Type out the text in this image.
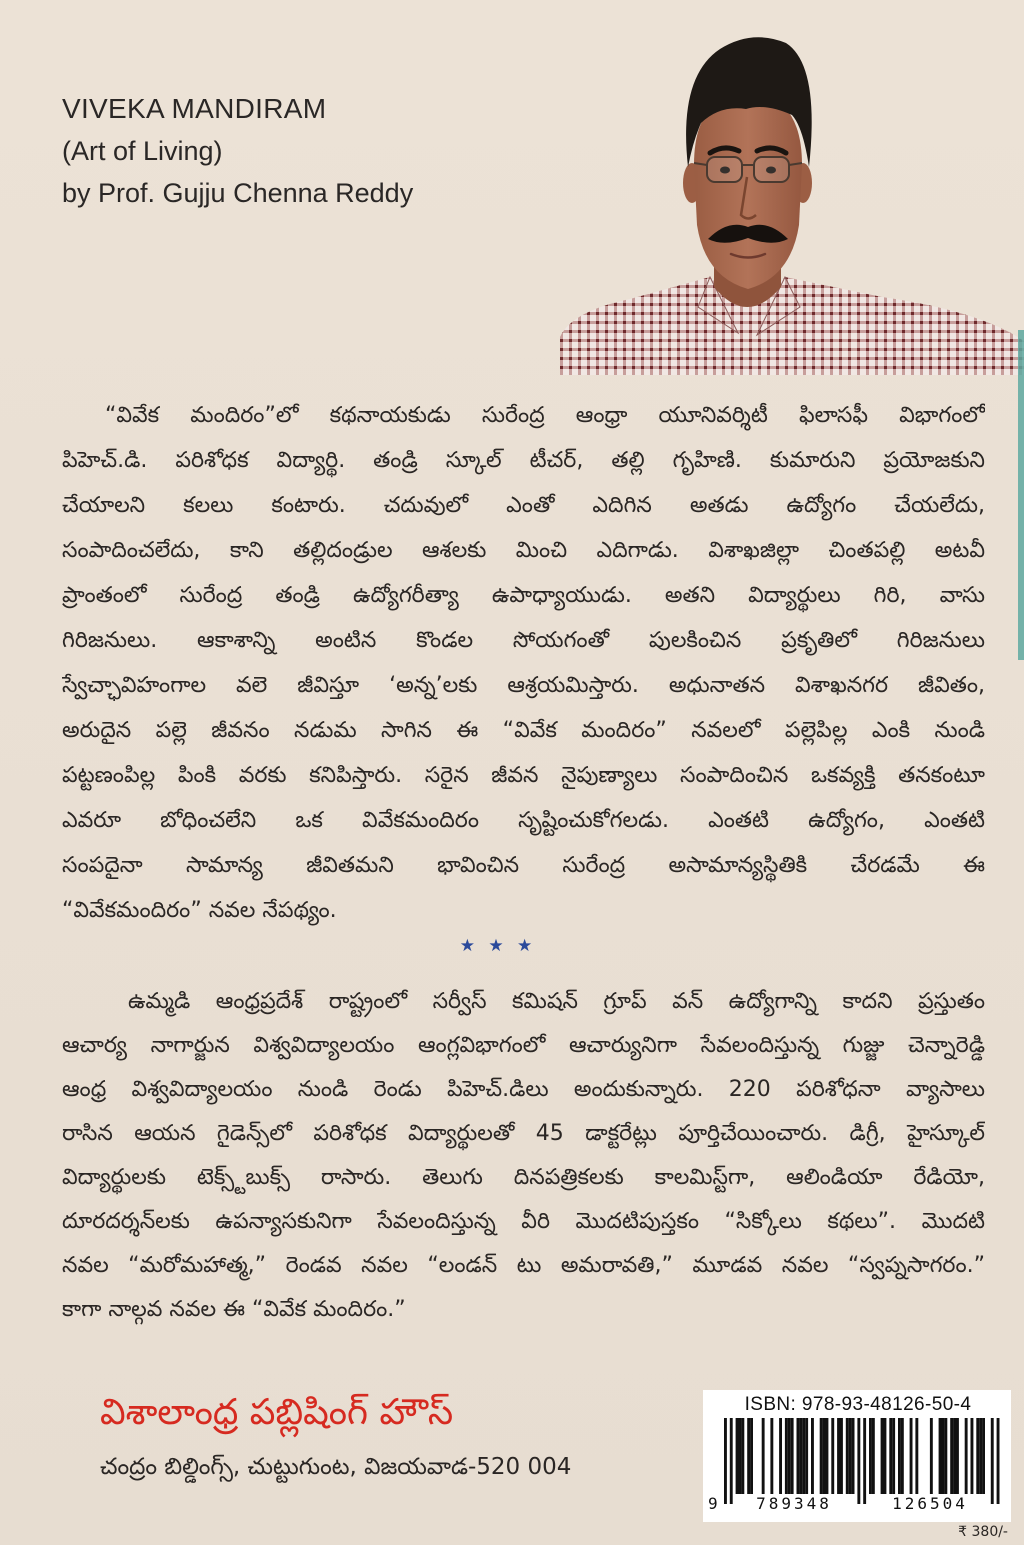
VIVEKA MANDIRAM
(Art of Living)
by Prof. Gujju Chenna Reddy
“వివేక మందిరం”లో కథనాయకుడు సురేంద్ర ఆంధ్రా యూనివర్శిటీ ఫిలాసఫీ విభాగంలో
పిహెచ్.డి. పరిశోధక విద్యార్థి. తండ్రి స్కూల్ టీచర్, తల్లి గృహిణి. కుమారుని ప్రయోజకుని
చేయాలని కలలు కంటారు. చదువులో ఎంతో ఎదిగిన అతడు ఉద్యోగం చేయలేదు,
సంపాదించలేదు, కాని తల్లిదండ్రుల ఆశలకు మించి ఎదిగాడు. విశాఖజిల్లా చింతపల్లి అటవీ
ప్రాంతంలో సురేంద్ర తండ్రి ఉద్యోగరీత్యా ఉపాధ్యాయుడు. అతని విద్యార్థులు గిరి, వాసు
గిరిజనులు. ఆకాశాన్ని అంటిన కొండల సోయగంతో పులకించిన ప్రకృతిలో గిరిజనులు
స్వేచ్ఛావిహంగాల వలె జీవిస్తూ ‘అన్న’లకు ఆశ్రయమిస్తారు. అధునాతన విశాఖనగర జీవితం,
అరుదైన పల్లె జీవనం నడుమ సాగిన ఈ “వివేక మందిరం” నవలలో పల్లెపిల్ల ఎంకి నుండి
పట్టణంపిల్ల పింకి వరకు కనిపిస్తారు. సరైన జీవన నైపుణ్యాలు సంపాదించిన ఒకవ్యక్తి తనకంటూ
ఎవరూ బోధించలేని ఒక వివేకమందిరం సృష్టించుకోగలడు. ఎంతటి ఉద్యోగం, ఎంతటి
సంపదైనా సామాన్య జీవితమని భావించిన సురేంద్ర అసామాన్యస్థితికి చేరడమే ఈ
“వివేకమందిరం” నవల నేపథ్యం.
★ ★ ★
ఉమ్మడి ఆంధ్రప్రదేశ్ రాష్ట్రంలో సర్వీస్ కమిషన్ గ్రూప్ వన్ ఉద్యోగాన్ని కాదని ప్రస్తుతం
ఆచార్య నాగార్జున విశ్వవిద్యాలయం ఆంగ్లవిభాగంలో ఆచార్యునిగా సేవలందిస్తున్న గుజ్జు చెన్నారెడ్డి
ఆంధ్ర విశ్వవిద్యాలయం నుండి రెండు పిహెచ్.డిలు అందుకున్నారు. 220 పరిశోధనా వ్యాసాలు
రాసిన ఆయన గైడెన్స్‌లో పరిశోధక విద్యార్థులతో 45 డాక్టరేట్లు పూర్తిచేయించారు. డిగ్రీ, హైస్కూల్
విద్యార్థులకు టెక్స్ట్‌బుక్స్ రాసారు. తెలుగు దినపత్రికలకు కాలమిస్ట్‌గా, ఆలిండియా రేడియో,
దూరదర్శన్‌లకు ఉపన్యాసకునిగా సేవలందిస్తున్న వీరి మొదటిపుస్తకం “సిక్కోలు కథలు”. మొదటి
నవల “మరోమహాత్మ,” రెండవ నవల “లండన్ టు అమరావతి,” మూడవ నవల “స్వప్నసాగరం.”
కాగా నాల్గవ నవల ఈ “వివేక మందిరం.”
విశాలాంధ్ర పబ్లిషింగ్ హౌస్
చంద్రం బిల్డింగ్స్, చుట్టుగుంట, విజయవాడ-520 004
ISBN: 978-93-48126-50-4
9	789348	126504
₹ 380/-
